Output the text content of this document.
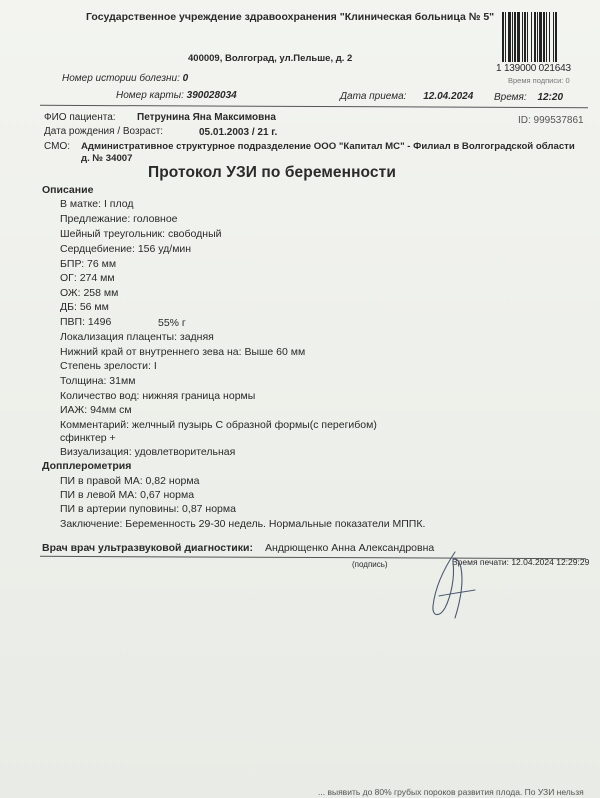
Государственное учреждение здравоохранения "Клиническая больница № 5"
400009, Волгоград, ул.Пельше, д. 2
1 139000 021643
Время подписи: 0
Номер истории болезни: 0
Номер карты: 390028034	Дата приема: 12.04.2024 Время: 12:20
ФИО пациента: Петрунина Яна Максимовна	ID: 999537861
Дата рождения / Возраст:	05.01.2003 / 21 г.
СМО: Административное структурное подразделение ООО "Капитал МС" - Филиал в Волгоградской области
д. № 34007
Протокол УЗИ по беременности
Описание
В матке: I плод
Предлежание: головное
Шейный треугольник: свободный
Сердцебиение: 156 уд/мин
БПР: 76 мм
ОГ: 274 мм
ОЖ: 258 мм
ДБ: 56 мм
ПВП: 1496	55% г
Локализация плаценты: задняя
Нижний край от внутреннего зева на: Выше 60 мм
Степень зрелости: I
Толщина: 31мм
Количество вод: нижняя граница нормы
ИАЖ: 94мм см
Комментарий: желчный пузырь С образной формы(с перегибом)
сфинктер +
Визуализация: удовлетворительная
Допплерометрия
ПИ в правой МА: 0,82 норма
ПИ в левой МА: 0,67 норма
ПИ в артерии пуповины: 0,87 норма
Заключение: Беременность 29-30 недель. Нормальные показатели МППК.
Врач врач ультразвуковой диагностики: Андрющенко Анна Александровна
(подпись)	Время печати: 12.04.2024 12:29:29
... выявить до 80% грубых пороков развития плода. По УЗИ нельзя
